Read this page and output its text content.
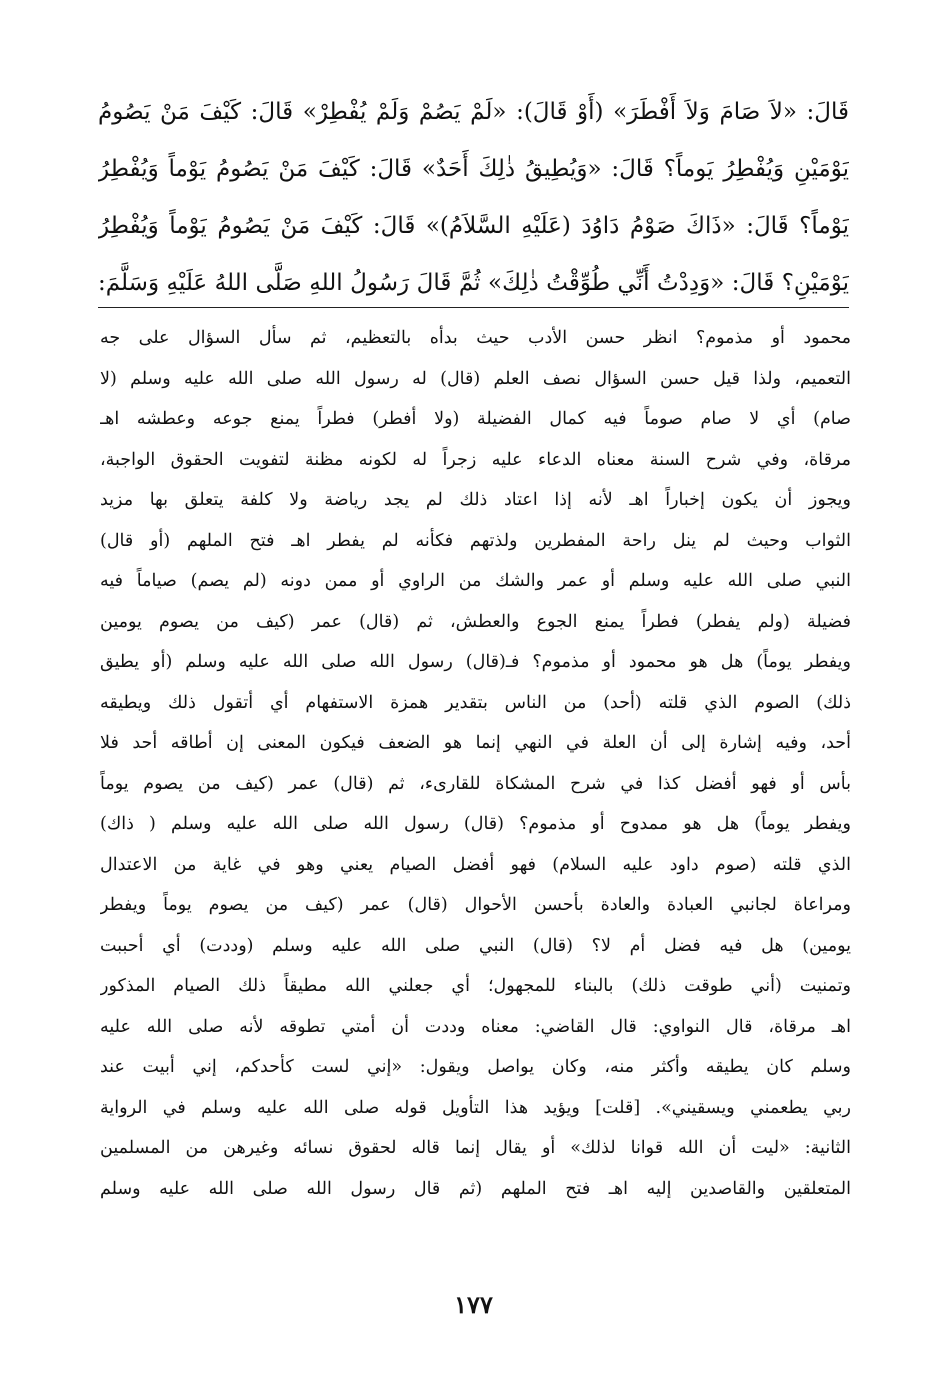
قَالَ: «لاَ صَامَ وَلاَ أَفْطَرَ» (أَوْ قَالَ): «لَمْ يَصُمْ وَلَمْ يُفْطِرْ» قَالَ: كَيْفَ مَنْ يَصُومُ
يَوْمَيْنِ وَيُفْطِرُ يَوماً؟ قَالَ: «وَيُطِيقُ ذٰلِكَ أَحَدٌ» قَالَ: كَيْفَ مَنْ يَصُومُ يَوْماً وَيُفْطِرُ
يَوْماً؟ قَالَ: «ذَاكَ صَوْمُ دَاوُدَ (عَلَيْهِ السَّلاَمُ)» قَالَ: كَيْفَ مَنْ يَصُومُ يَوْماً وَيُفْطِرُ
يَوْمَيْنِ؟ قَالَ: «وَدِدْتُ أَنِّي طُوِّقْتُ ذٰلِكَ» ثُمَّ قَالَ رَسُولُ اللهِ صَلَّى اللهُ عَلَيْهِ وَسَلَّمَ:
محمود أو مذموم؟ انظر حسن الأدب حيث بدأه بالتعظيم، ثم سأل السؤال على جه
التعميم، ولذا قيل حسن السؤال نصف العلم (قال) له رسول الله صلى الله عليه وسلم (لا
صام) أي لا صام صوماً فيه كمال الفضيلة (ولا أفطر) فطراً يمنع جوعه وعطشه اهـ
مرقاة، وفي شرح السنة معناه الدعاء عليه زجراً له لكونه مظنة لتفويت الحقوق الواجبة،
ويجوز أن يكون إخباراً اهـ لأنه إذا اعتاد ذلك لم يجد رياضة ولا كلفة يتعلق بها مزيد
الثواب وحيث لم ينل راحة المفطرين ولذتهم فكأنه لم يفطر اهـ فتح الملهم (أو قال)
النبي صلى الله عليه وسلم أو عمر والشك من الراوي أو ممن دونه (لم يصم) صياماً فيه
فضيلة (ولم يفطر) فطراً يمنع الجوع والعطش، ثم (قال) عمر (كيف من يصوم يومين
ويفطر يوماً) هل هو محمود أو مذموم؟ فـ(قال) رسول الله صلى الله عليه وسلم (أو يطيق
ذلك) الصوم الذي قلته (أحد) من الناس بتقدير همزة الاستفهام أي أتقول ذلك ويطيقه
أحد، وفيه إشارة إلى أن العلة في النهي إنما هو الضعف فيكون المعنى إن أطاقه أحد فلا
بأس أو فهو أفضل كذا في شرح المشكاة للقارىء، ثم (قال) عمر (كيف من يصوم يوماً
ويفطر يوماً) هل هو ممدوح أو مذموم؟ (قال) رسول الله صلى الله عليه وسلم ( ذاك)
الذي قلته (صوم داود عليه السلام) فهو أفضل الصيام يعني وهو في غاية من الاعتدال
ومراعاة لجانبي العبادة والعادة بأحسن الأحوال (قال) عمر (كيف من يصوم يوماً ويفطر
يومين) هل فيه فضل أم لا؟ (قال) النبي صلى الله عليه وسلم (وددت) أي أحببت
وتمنيت (أني طوقت ذلك) بالبناء للمجهول؛ أي جعلني الله مطيقاً ذلك الصيام المذكور
اهـ مرقاة، قال النواوي: قال القاضي: معناه وددت أن أمتي تطوقه لأنه صلى الله عليه
وسلم كان يطيقه وأكثر منه، وكان يواصل ويقول: «إني لست كأحدكم، إني أبيت عند
ربي يطعمني ويسقيني». [قلت] ويؤيد هذا التأويل قوله صلى الله عليه وسلم في الرواية
الثانية: «ليت أن الله قوانا لذلك» أو يقال إنما قاله لحقوق نسائه وغيرهن من المسلمين
المتعلقين والقاصدين إليه اهـ فتح الملهم (ثم قال رسول الله صلى الله عليه وسلم
١٧٧
